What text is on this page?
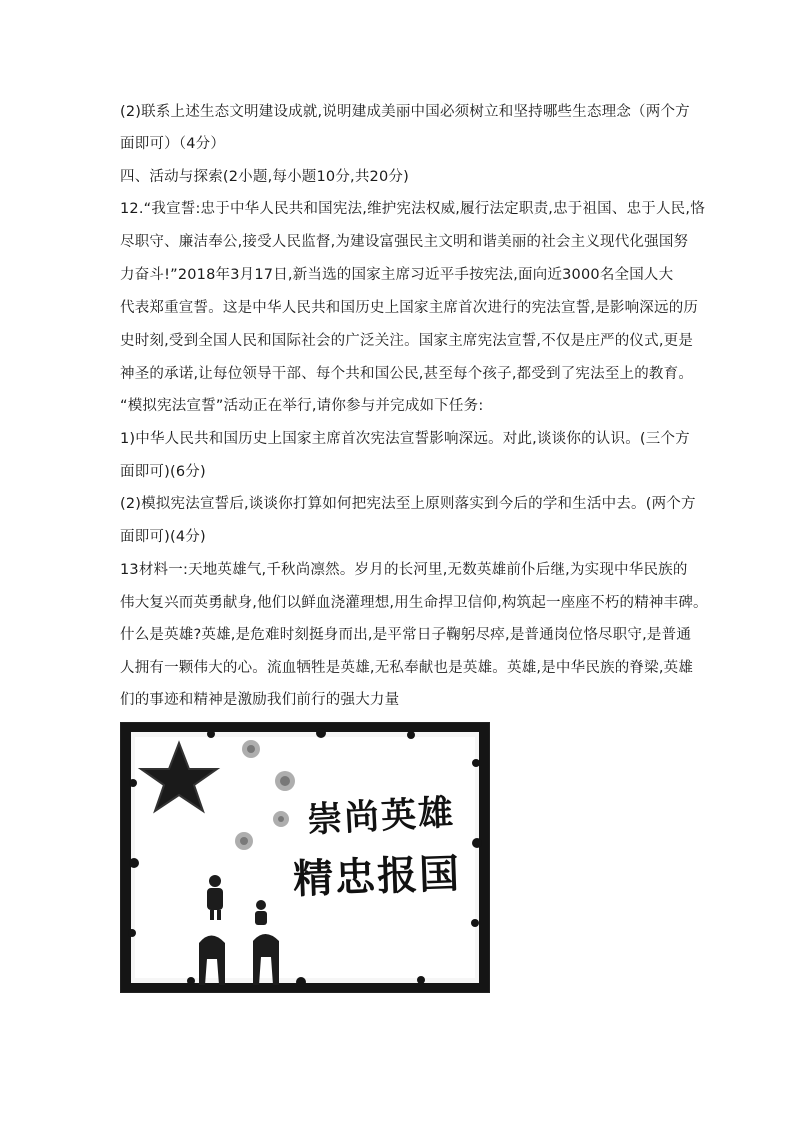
(2)联系上述生态文明建设成就,说明建成美丽中国必须树立和坚持哪些生态理念（两个方
面即可）（4分）
四、活动与探索(2小题,每小题10分,共20分)
12.“我宣誓:忠于中华人民共和国宪法,维护宪法权威,履行法定职责,忠于祖国、忠于人民,恪
尽职守、廉洁奉公,接受人民监督,为建设富强民主文明和谐美丽的社会主义现代化强国努
力奋斗!”2018年3月17日,新当选的国家主席习近平手按宪法,面向近3000名全国人大
代表郑重宣誓。这是中华人民共和国历史上国家主席首次进行的宪法宣誓,是影响深远的历
史时刻,受到全国人民和国际社会的广泛关注。国家主席宪法宣誓,不仅是庄严的仪式,更是
神圣的承诺,让每位领导干部、每个共和国公民,甚至每个孩子,都受到了宪法至上的教育。
“模拟宪法宣誓”活动正在举行,请你参与并完成如下任务:
1)中华人民共和国历史上国家主席首次宪法宣誓影响深远。对此,谈谈你的认识。(三个方
面即可)(6分)
(2)模拟宪法宣誓后,谈谈你打算如何把宪法至上原则落实到今后的学和生活中去。(两个方
面即可)(4分)
13材料一:天地英雄气,千秋尚凛然。岁月的长河里,无数英雄前仆后继,为实现中华民族的
伟大复兴而英勇献身,他们以鲜血浇灌理想,用生命捍卫信仰,构筑起一座座不朽的精神丰碑。
什么是英雄?英雄,是危难时刻挺身而出,是平常日子鞠躬尽瘁,是普通岗位恪尽职守,是普通
人拥有一颗伟大的心。流血牺牲是英雄,无私奉献也是英雄。英雄,是中华民族的脊梁,英雄
们的事迹和精神是激励我们前行的强大力量
崇尚英雄
精忠报国
